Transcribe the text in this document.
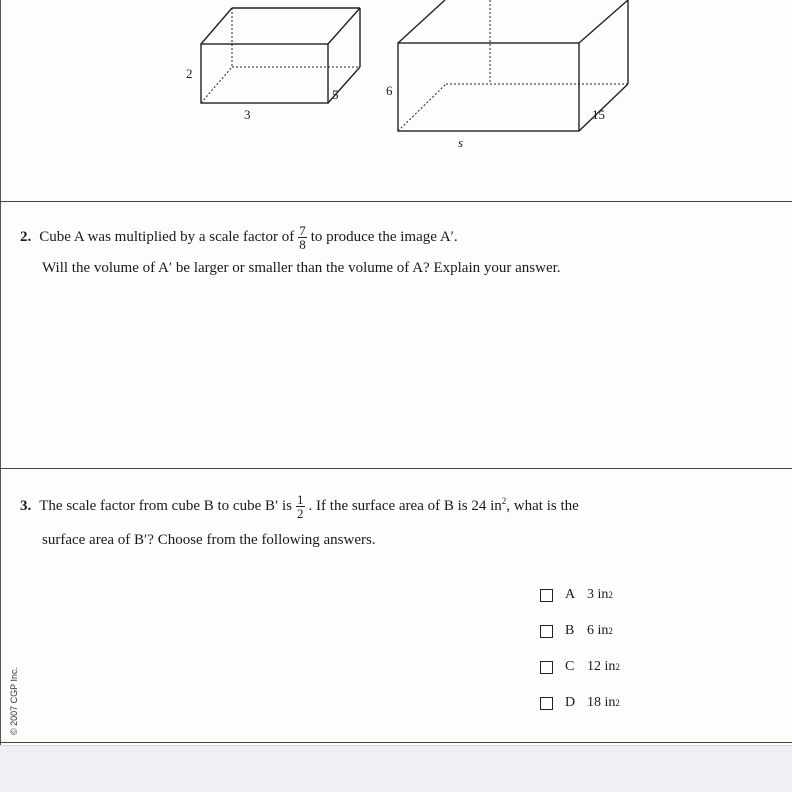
2
3
5	6
s
15
2. Cube A was multiplied by a scale factor of $\frac{7}{8}$ to produce the image A′.
Will the volume of A′ be larger or smaller than the volume of A? Explain your answer.
3. The scale factor from cube B to cube B′ is $\frac{1}{2}$ . If the surface area of B is 24 $in^2$, what is the
surface area of B′? Choose from the following answers.
A 3 in 2
B 6 in 2
C 12 in 2
D 18 in 2
© 2007 CGP Inc.
